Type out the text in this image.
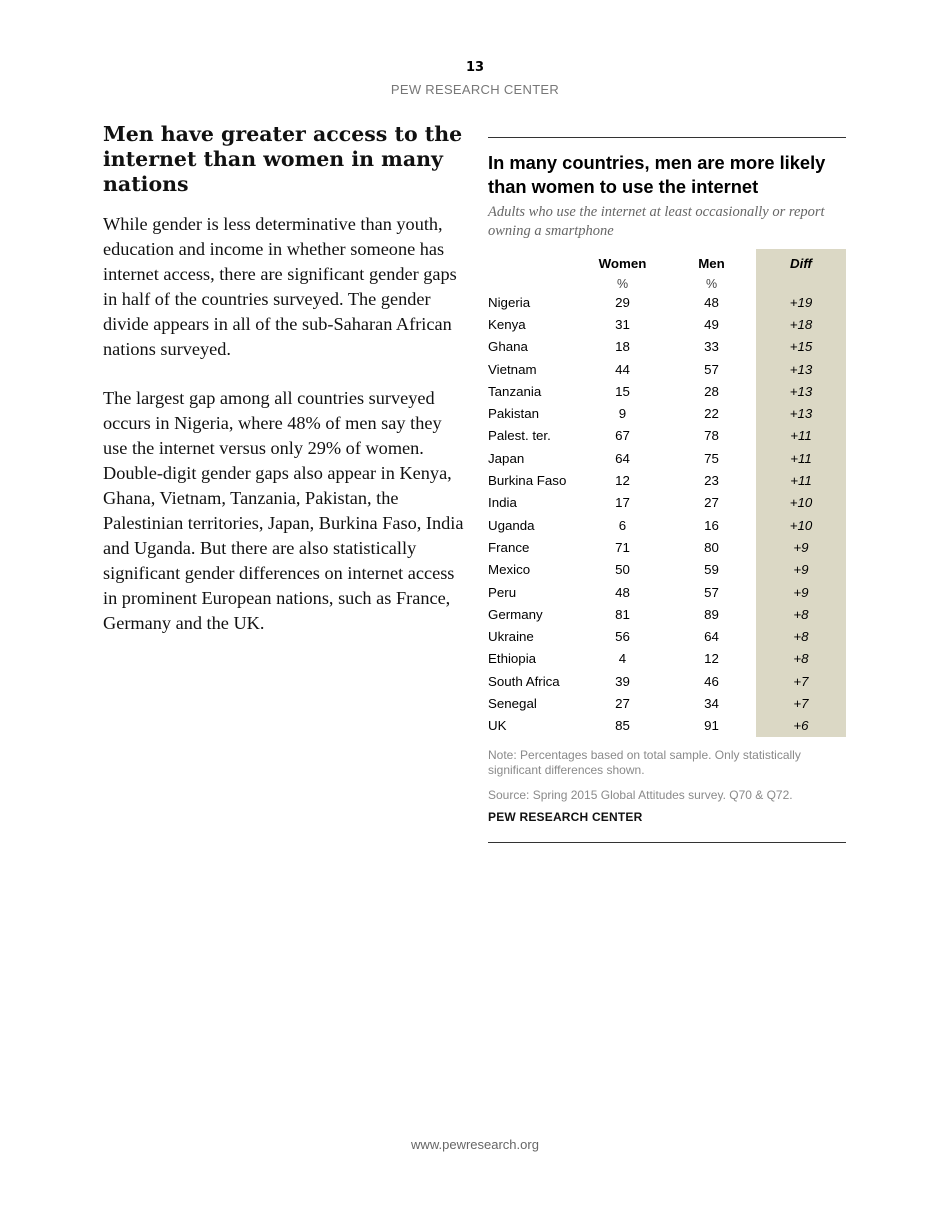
13
PEW RESEARCH CENTER
Men have greater access to the internet than women in many nations

While gender is less determinative than youth, education and income in whether someone has internet access, there are significant gender gaps in half of the countries surveyed. The gender divide appears in all of the sub-Saharan African nations surveyed.

The largest gap among all countries surveyed occurs in Nigeria, where 48% of men say they use the internet versus only 29% of women. Double-digit gender gaps also appear in Kenya, Ghana, Vietnam, Tanzania, Pakistan, the Palestinian territories, Japan, Burkina Faso, India and Uganda. But there are also statistically significant gender differences on internet access in prominent European nations, such as France, Germany and the UK.

In many countries, men are more likely than women to use the internet
Adults who use the internet at least occasionally or report owning a smartphone
	Women	Men	Diff
	%	%	
Nigeria	29	48	+19
Kenya	31	49	+18
Ghana	18	33	+15
Vietnam	44	57	+13
Tanzania	15	28	+13
Pakistan	9	22	+13
Palest. ter.	67	78	+11
Japan	64	75	+11
Burkina Faso	12	23	+11
India	17	27	+10
Uganda	6	16	+10
France	71	80	+9
Mexico	50	59	+9
Peru	48	57	+9
Germany	81	89	+8
Ukraine	56	64	+8
Ethiopia	4	12	+8
South Africa	39	46	+7
Senegal	27	34	+7
UK	85	91	+6
Note: Percentages based on total sample. Only statistically significant differences shown.
Source: Spring 2015 Global Attitudes survey. Q70 & Q72.
PEW RESEARCH CENTER
www.pewresearch.org
